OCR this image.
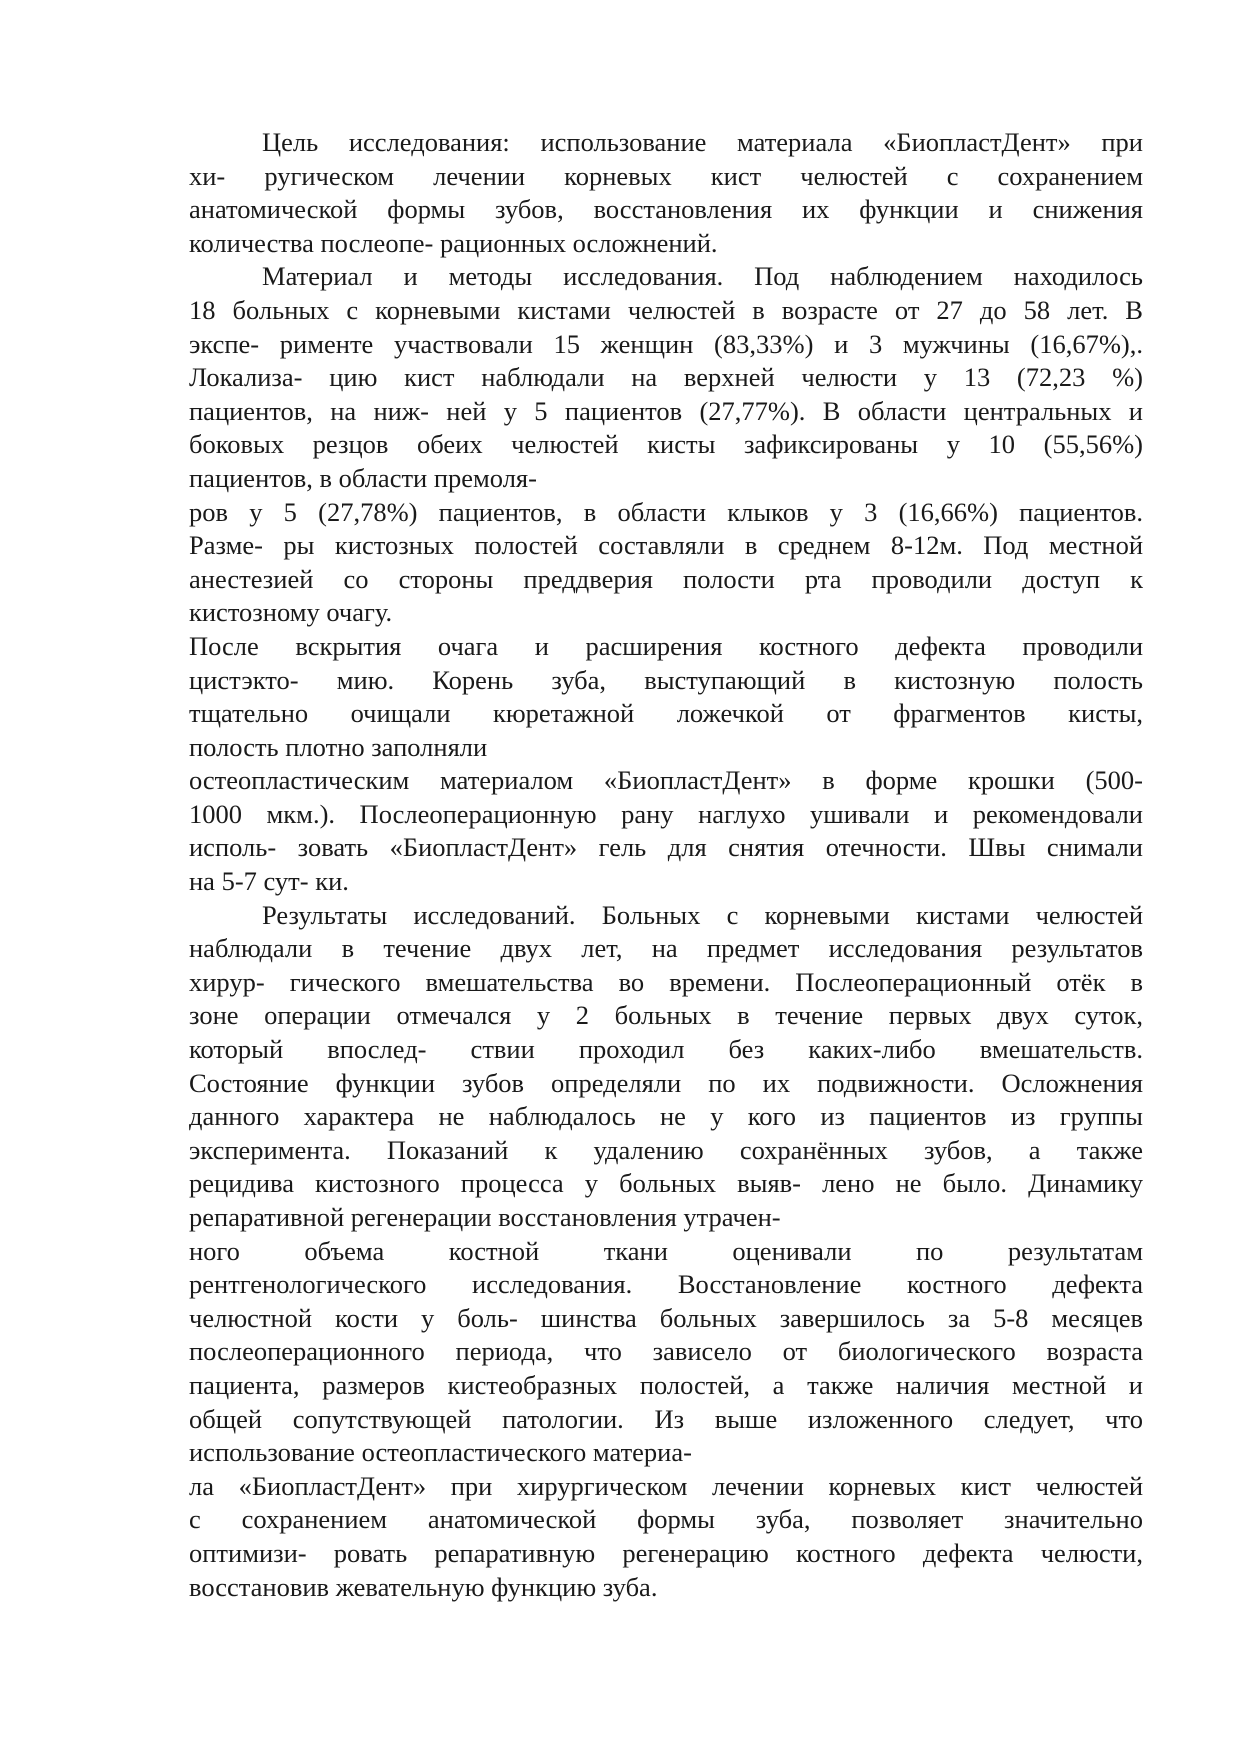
Цель исследования: использование материала «БиопластДент» при
хи- ругическом лечении корневых кист челюстей с сохранением
анатомической формы зубов, восстановления их функции и снижения
количества послеопе- рационных осложнений.
Материал и методы исследования. Под наблюдением находилось
18 больных с корневыми кистами челюстей в возрасте от 27 до 58 лет. В
экспе- рименте участвовали 15 женщин (83,33%) и 3 мужчины (16,67%),.
Локализа- цию кист наблюдали на верхней челюсти у 13 (72,23 %)
пациентов, на ниж- ней у 5 пациентов (27,77%). В области центральных и
боковых резцов обеих челюстей кисты зафиксированы у 10 (55,56%)
пациентов, в области премоля-
ров у 5 (27,78%) пациентов, в области клыков у 3 (16,66%) пациентов.
Разме- ры кистозных полостей составляли в среднем 8-12м. Под местной
анестезией со стороны преддверия полости рта проводили доступ к
кистозному очагу.
После вскрытия очага и расширения костного дефекта проводили
цистэкто- мию. Корень зуба, выступающий в кистозную полость
тщательно очищали кюретажной ложечкой от фрагментов кисты,
полость плотно заполняли
остеопластическим материалом «БиопластДент» в форме крошки (500-
1000 мкм.). Послеоперационную рану наглухо ушивали и рекомендовали
исполь- зовать «БиопластДент» гель для снятия отечности. Швы снимали
на 5-7 сут- ки.
Результаты исследований. Больных с корневыми кистами челюстей
наблюдали в течение двух лет, на предмет исследования результатов
хирур- гического вмешательства во времени. Послеоперационный отёк в
зоне операции отмечался у 2 больных в течение первых двух суток,
который впослед- ствии проходил без каких-либо вмешательств.
Состояние функции зубов определяли по их подвижности. Осложнения
данного характера не наблюдалось не у кого из пациентов из группы
эксперимента. Показаний к удалению сохранённых зубов, а также
рецидива кистозного процесса у больных выяв- лено не было. Динамику
репаративной регенерации восстановления утрачен-
ного объема костной ткани оценивали по результатам
рентгенологического исследования. Восстановление костного дефекта
челюстной кости у боль- шинства больных завершилось за 5-8 месяцев
послеоперационного периода, что зависело от биологического возраста
пациента, размеров кистеобразных полостей, а также наличия местной и
общей сопутствующей патологии. Из выше изложенного следует, что
использование остеопластического материа-
ла «БиопластДент» при хирургическом лечении корневых кист челюстей
с сохранением анатомической формы зуба, позволяет значительно
оптимизи- ровать репаративную регенерацию костного дефекта челюсти,
восстановив жевательную функцию зуба.
